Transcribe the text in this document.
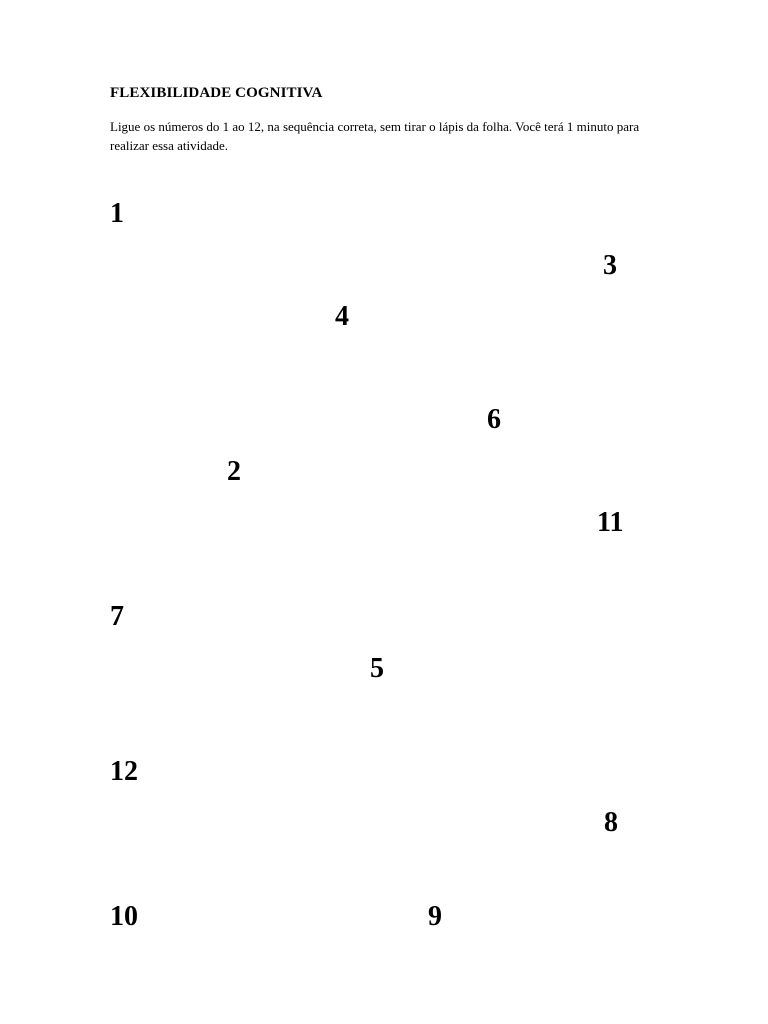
FLEXIBILIDADE COGNITIVA
Ligue os números do 1 ao 12, na sequência correta, sem tirar o lápis da folha. Você terá 1 minuto para realizar essa atividade.
1
3
4
6
2
11
7
5
12
8
10	9
